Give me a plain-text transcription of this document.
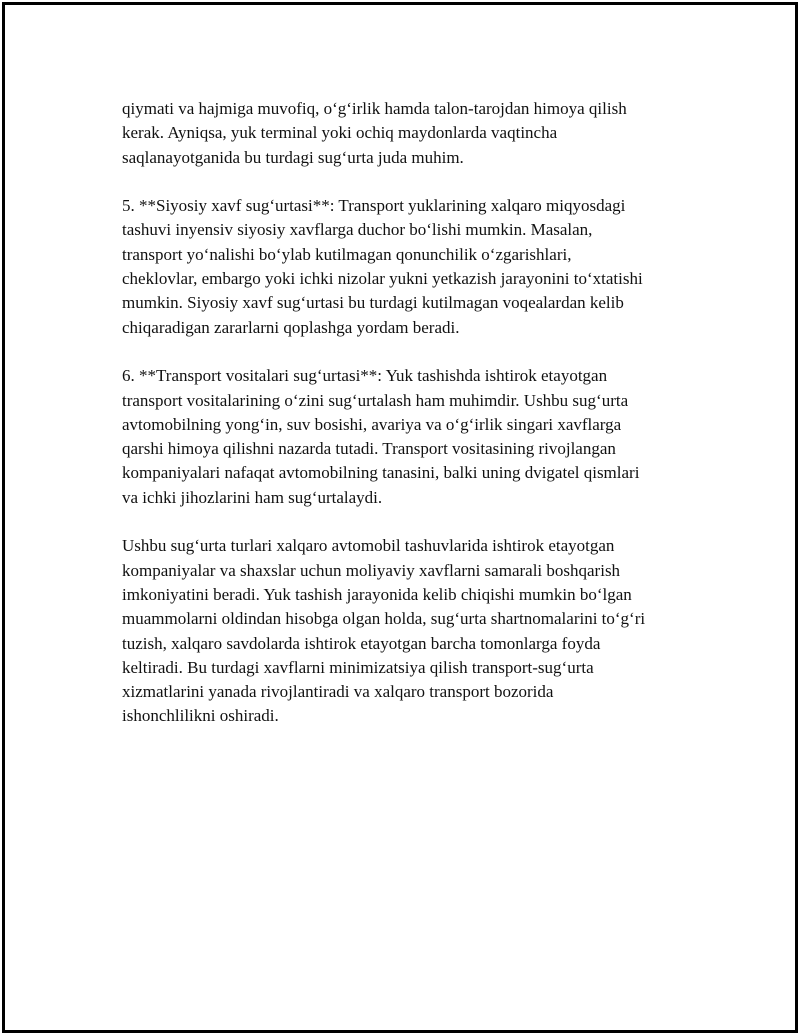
qiymati va hajmiga muvofiq, o‘g‘irlik hamda talon-tarojdan himoya qilish
kerak. Ayniqsa, yuk terminal yoki ochiq maydonlarda vaqtincha
saqlanayotganida bu turdagi sug‘urta juda muhim.

5. **Siyosiy xavf sug‘urtasi**: Transport yuklarining xalqaro miqyosdagi
tashuvi inyensiv siyosiy xavflarga duchor bo‘lishi mumkin. Masalan,
transport yo‘nalishi bo‘ylab kutilmagan qonunchilik o‘zgarishlari,
cheklovlar, embargo yoki ichki nizolar yukni yetkazish jarayonini to‘xtatishi
mumkin. Siyosiy xavf sug‘urtasi bu turdagi kutilmagan voqealardan kelib
chiqaradigan zararlarni qoplashga yordam beradi.

6. **Transport vositalari sug‘urtasi**: Yuk tashishda ishtirok etayotgan
transport vositalarining o‘zini sug‘urtalash ham muhimdir. Ushbu sug‘urta
avtomobilning yong‘in, suv bosishi, avariya va o‘g‘irlik singari xavflarga
qarshi himoya qilishni nazarda tutadi. Transport vositasining rivojlangan
kompaniyalari nafaqat avtomobilning tanasini, balki uning dvigatel qismlari
va ichki jihozlarini ham sug‘urtalaydi.

Ushbu sug‘urta turlari xalqaro avtomobil tashuvlarida ishtirok etayotgan
kompaniyalar va shaxslar uchun moliyaviy xavflarni samarali boshqarish
imkoniyatini beradi. Yuk tashish jarayonida kelib chiqishi mumkin bo‘lgan
muammolarni oldindan hisobga olgan holda, sug‘urta shartnomalarini to‘g‘ri
tuzish, xalqaro savdolarda ishtirok etayotgan barcha tomonlarga foyda
keltiradi. Bu turdagi xavflarni minimizatsiya qilish transport-sug‘urta
xizmatlarini yanada rivojlantiradi va xalqaro transport bozorida
ishonchlilikni oshiradi.
